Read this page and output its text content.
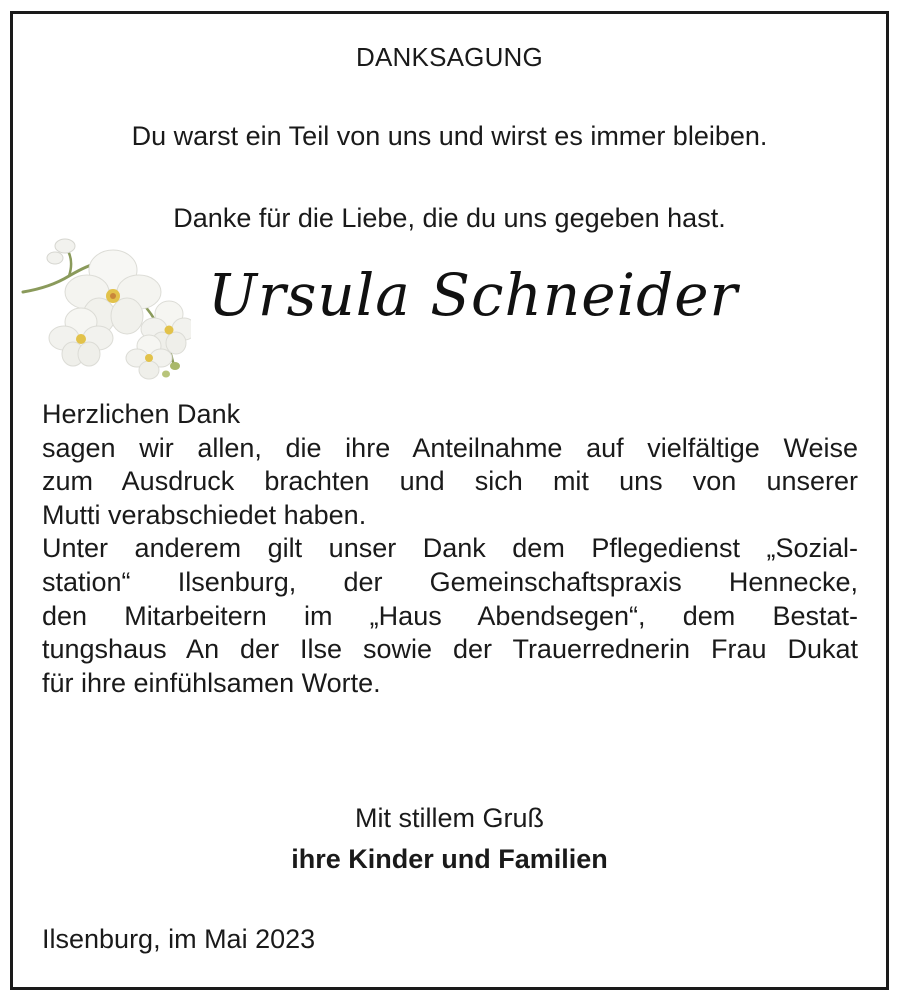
DANKSAGUNG
Du warst ein Teil von uns und wirst es immer bleiben.
Danke für die Liebe, die du uns gegeben hast.
Ursula Schneider

Herzlichen Dank
sagen wir allen, die ihre Anteilnahme auf vielfältige Weise
zum Ausdruck brachten und sich mit uns von unserer
Mutti verabschiedet haben.
Unter anderem gilt unser Dank dem Pflegedienst „Sozial-
station“ Ilsenburg, der Gemeinschaftspraxis Hennecke,
den Mitarbeitern im „Haus Abendsegen“, dem Bestat-
tungshaus An der Ilse sowie der Trauerrednerin Frau Dukat
für ihre einfühlsamen Worte.

Mit stillem Gruß
ihre Kinder und Familien
Ilsenburg, im Mai 2023
